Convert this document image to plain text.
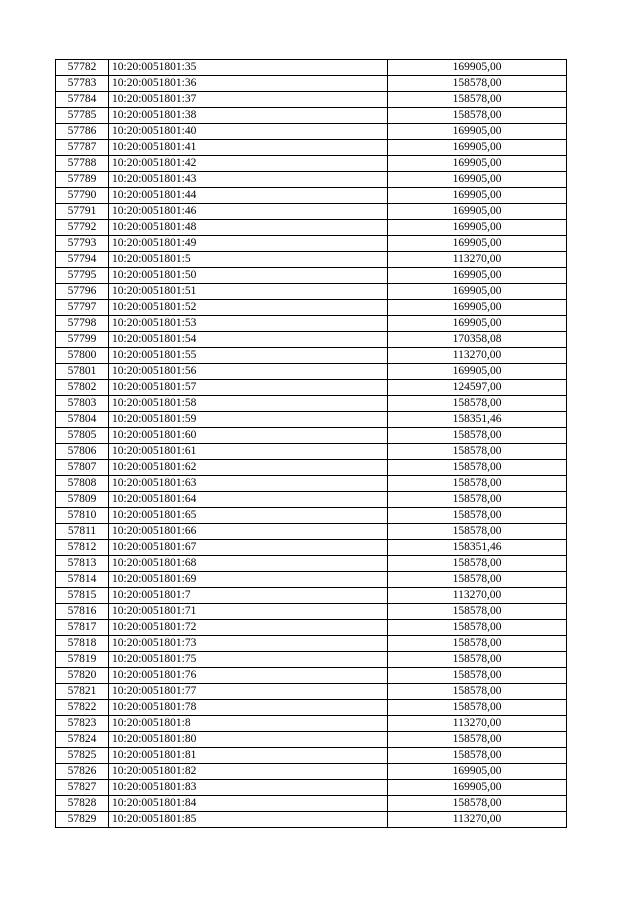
57782	10:20:0051801:35	169905,00
57783	10:20:0051801:36	158578,00
57784	10:20:0051801:37	158578,00
57785	10:20:0051801:38	158578,00
57786	10:20:0051801:40	169905,00
57787	10:20:0051801:41	169905,00
57788	10:20:0051801:42	169905,00
57789	10:20:0051801:43	169905,00
57790	10:20:0051801:44	169905,00
57791	10:20:0051801:46	169905,00
57792	10:20:0051801:48	169905,00
57793	10:20:0051801:49	169905,00
57794	10:20:0051801:5	113270,00
57795	10:20:0051801:50	169905,00
57796	10:20:0051801:51	169905,00
57797	10:20:0051801:52	169905,00
57798	10:20:0051801:53	169905,00
57799	10:20:0051801:54	170358,08
57800	10:20:0051801:55	113270,00
57801	10:20:0051801:56	169905,00
57802	10:20:0051801:57	124597,00
57803	10:20:0051801:58	158578,00
57804	10:20:0051801:59	158351,46
57805	10:20:0051801:60	158578,00
57806	10:20:0051801:61	158578,00
57807	10:20:0051801:62	158578,00
57808	10:20:0051801:63	158578,00
57809	10:20:0051801:64	158578,00
57810	10:20:0051801:65	158578,00
57811	10:20:0051801:66	158578,00
57812	10:20:0051801:67	158351,46
57813	10:20:0051801:68	158578,00
57814	10:20:0051801:69	158578,00
57815	10:20:0051801:7	113270,00
57816	10:20:0051801:71	158578,00
57817	10:20:0051801:72	158578,00
57818	10:20:0051801:73	158578,00
57819	10:20:0051801:75	158578,00
57820	10:20:0051801:76	158578,00
57821	10:20:0051801:77	158578,00
57822	10:20:0051801:78	158578,00
57823	10:20:0051801:8	113270,00
57824	10:20:0051801:80	158578,00
57825	10:20:0051801:81	158578,00
57826	10:20:0051801:82	169905,00
57827	10:20:0051801:83	169905,00
57828	10:20:0051801:84	158578,00
57829	10:20:0051801:85	113270,00
